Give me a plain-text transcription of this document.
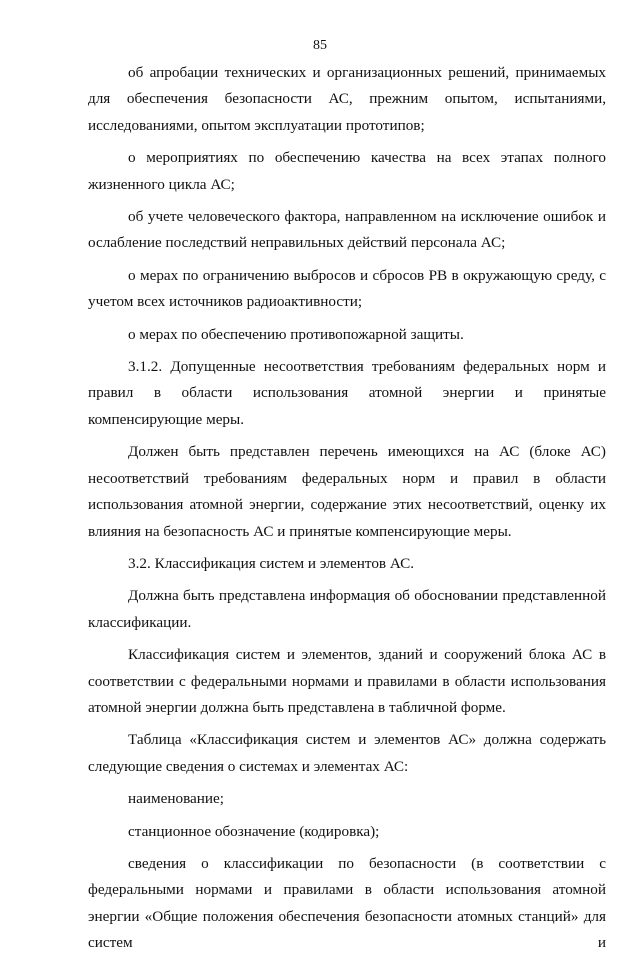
85

об апробации технических и организационных решений, принимаемых для обеспечения безопасности АС, прежним опытом, испытаниями, исследованиями, опытом эксплуатации прототипов;

о мероприятиях по обеспечению качества на всех этапах полного жизненного цикла АС;

об учете человеческого фактора, направленном на исключение ошибок и ослабление последствий неправильных действий персонала АС;

о мерах по ограничению выбросов и сбросов РВ в окружающую среду, с учетом всех источников радиоактивности;

о мерах по обеспечению противопожарной защиты.

3.1.2. Допущенные несоответствия требованиям федеральных норм и правил в области использования атомной энергии и принятые компенсирующие меры.

Должен быть представлен перечень имеющихся на АС (блоке АС) несоответствий требованиям федеральных норм и правил в области использования атомной энергии, содержание этих несоответствий, оценку их влияния на безопасность АС и принятые компенсирующие меры.

3.2. Классификация систем и элементов АС.

Должна быть представлена информация об обосновании представленной классификации.

Классификация систем и элементов, зданий и сооружений блока АС в соответствии с федеральными нормами и правилами в области использования атомной энергии должна быть представлена в табличной форме.

Таблица «Классификация систем и элементов АС» должна содержать следующие сведения о системах и элементах АС:

наименование;

станционное обозначение (кодировка);

сведения о классификации по безопасности (в соответствии с федеральными нормами и правилами в области использования атомной энергии «Общие положения обеспечения безопасности атомных станций» для систем и
